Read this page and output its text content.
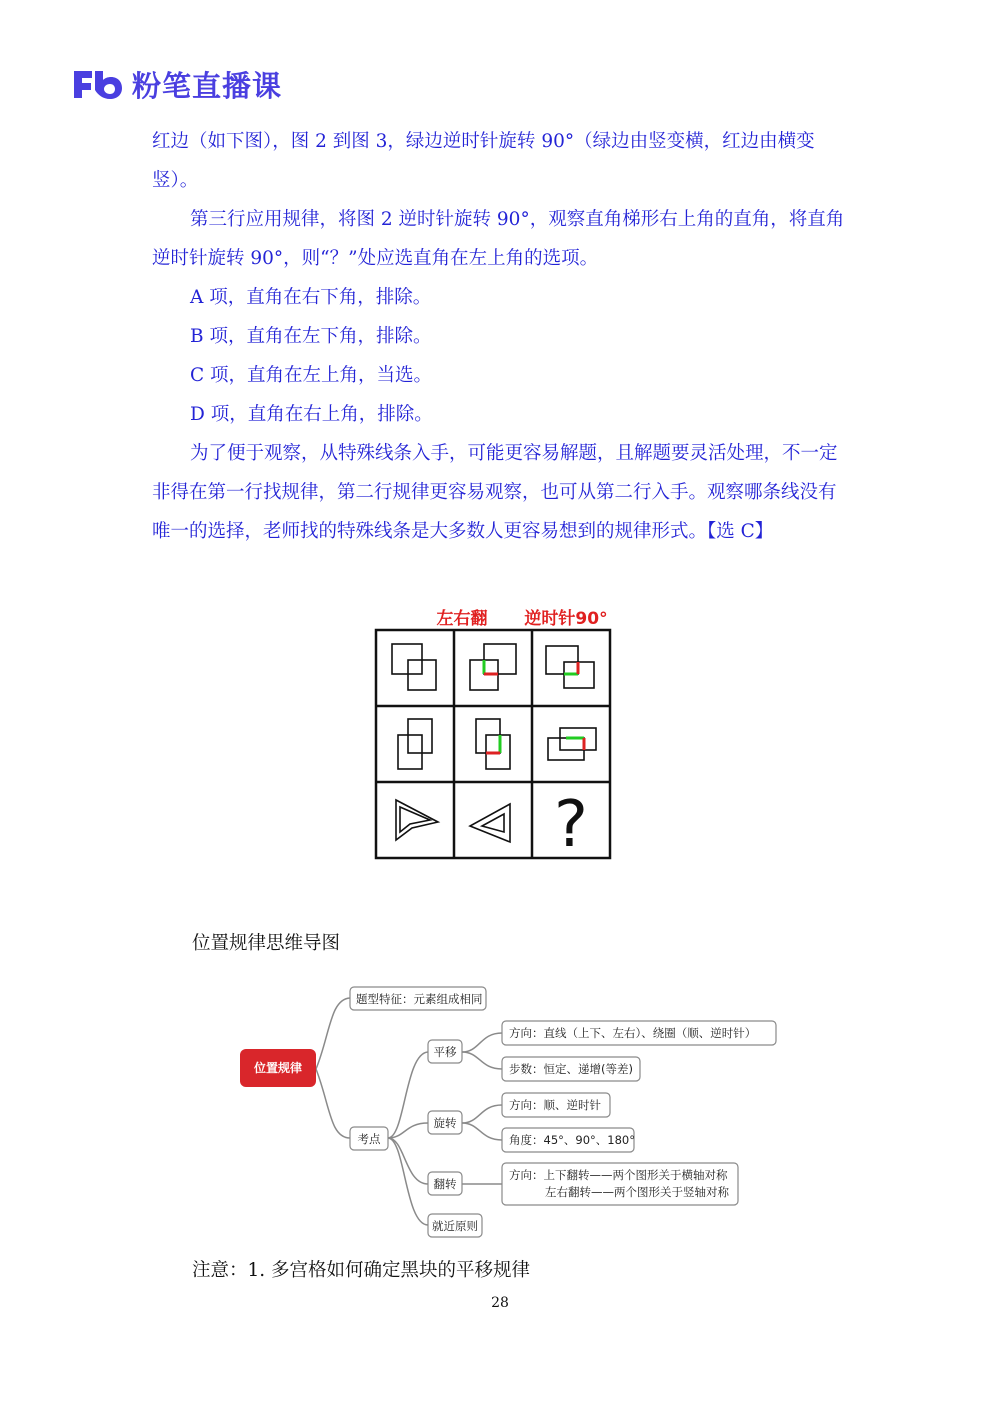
粉笔直播课

红边（如下图），图 2 到图 3，绿边逆时针旋转 90°（绿边由竖变横，红边由横变竖）。

第三行应用规律，将图 2 逆时针旋转 90°，观察直角梯形右上角的直角，将直角逆时针旋转 90°，则“？”处应选直角在左上角的选项。

A 项，直角在右下角，排除。

B 项，直角在左下角，排除。

C 项，直角在左上角，当选。

D 项，直角在右上角，排除。

为了便于观察，从特殊线条入手，可能更容易解题，且解题要灵活处理，不一定非得在第一行找规律，第二行规律更容易观察，也可从第二行入手。观察哪条线没有唯一的选择，老师找的特殊线条是大多数人更容易想到的规律形式。【选 C】

左右翻 逆时针90°
?
位置规律思维导图
位置规律
题型特征：元素组成相同
考点
平移
方向：直线（上下、左右）、绕圈（顺、逆时针）
步数：恒定、递增(等差)
旋转
方向：顺、逆时针
角度：45°、90°、180°
翻转
方向：上下翻转——两个图形关于横轴对称
左右翻转——两个图形关于竖轴对称
就近原则
注意：1. 多宫格如何确定黑块的平移规律
28
